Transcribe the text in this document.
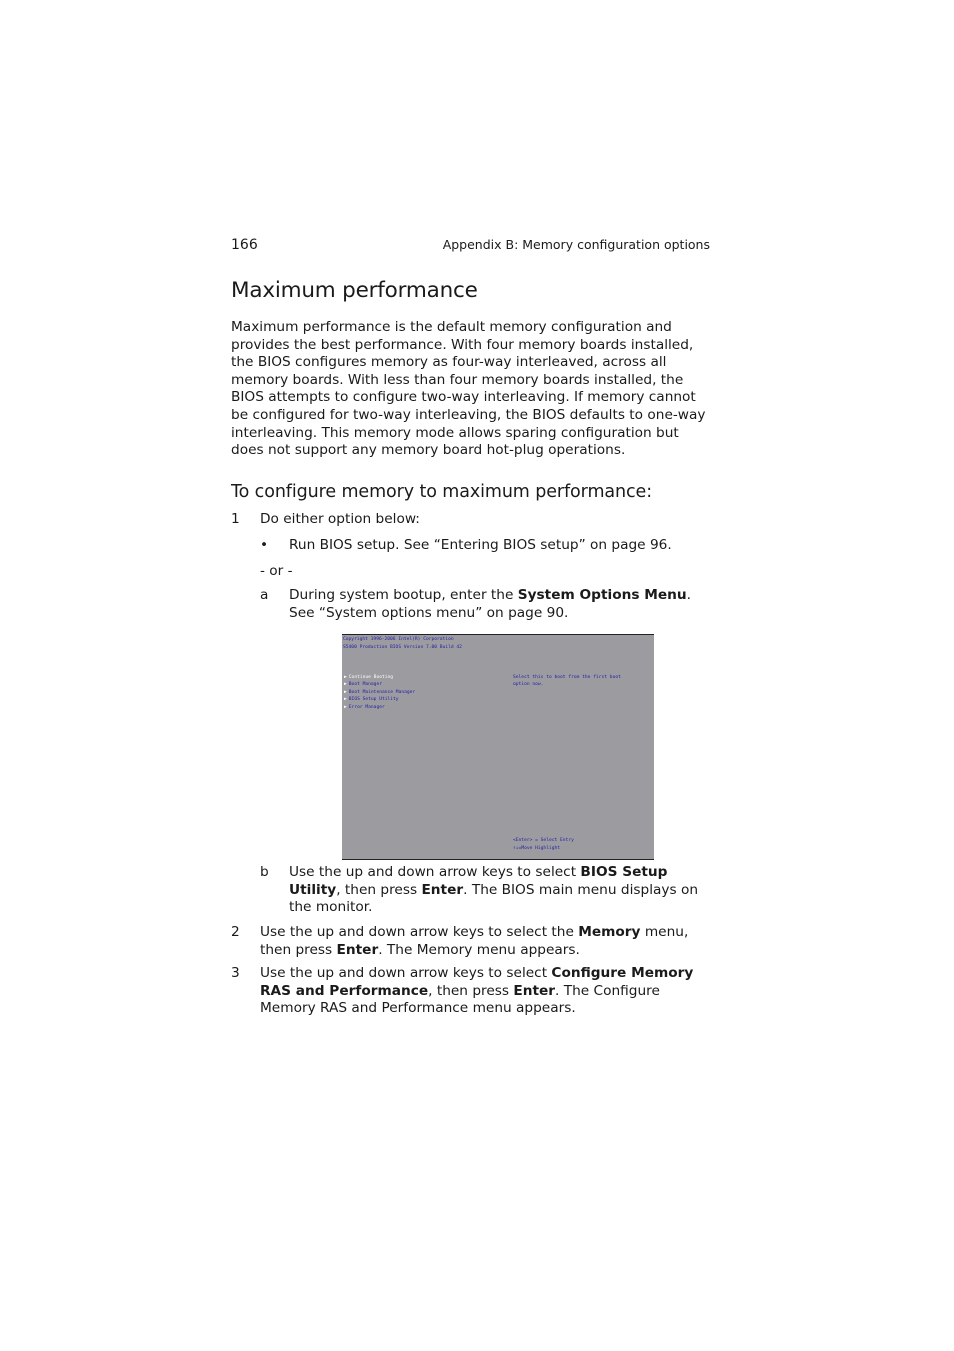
166	Appendix B: Memory configuration options
Maximum performance

Maximum performance is the default memory configuration and provides the best performance. With four memory boards installed, the BIOS configures memory as four-way interleaved, across all memory boards. With less than four memory boards installed, the BIOS attempts to configure two-way interleaving. If memory cannot be configured for two-way interleaving, the BIOS defaults to one-way interleaving. This memory mode allows sparing configuration but does not support any memory board hot-plug operations.

To configure memory to maximum performance:
1 Do either option below:
• Run BIOS setup. See “Entering BIOS setup” on page 96.
- or -
a During system bootup, enter the System Options Menu. See “System options menu” on page 90.
Copyright 1996-2006 Intel(R) Corporation
S5400 Production BIOS Version 7.00 Build 42
▶ Continue Booting
▶ Boot Manager
▶ Boot Maintenance Manager
▶ BIOS Setup Utility
▶ Error Manager
Select this to boot from the first boot
option now.
<Enter> = Select Entry
↑↓=Move Highlight
b Use the up and down arrow keys to select BIOS Setup Utility, then press Enter. The BIOS main menu displays on the monitor.
2 Use the up and down arrow keys to select the Memory menu, then press Enter. The Memory menu appears.
3 Use the up and down arrow keys to select Configure Memory RAS and Performance, then press Enter. The Configure Memory RAS and Performance menu appears.
